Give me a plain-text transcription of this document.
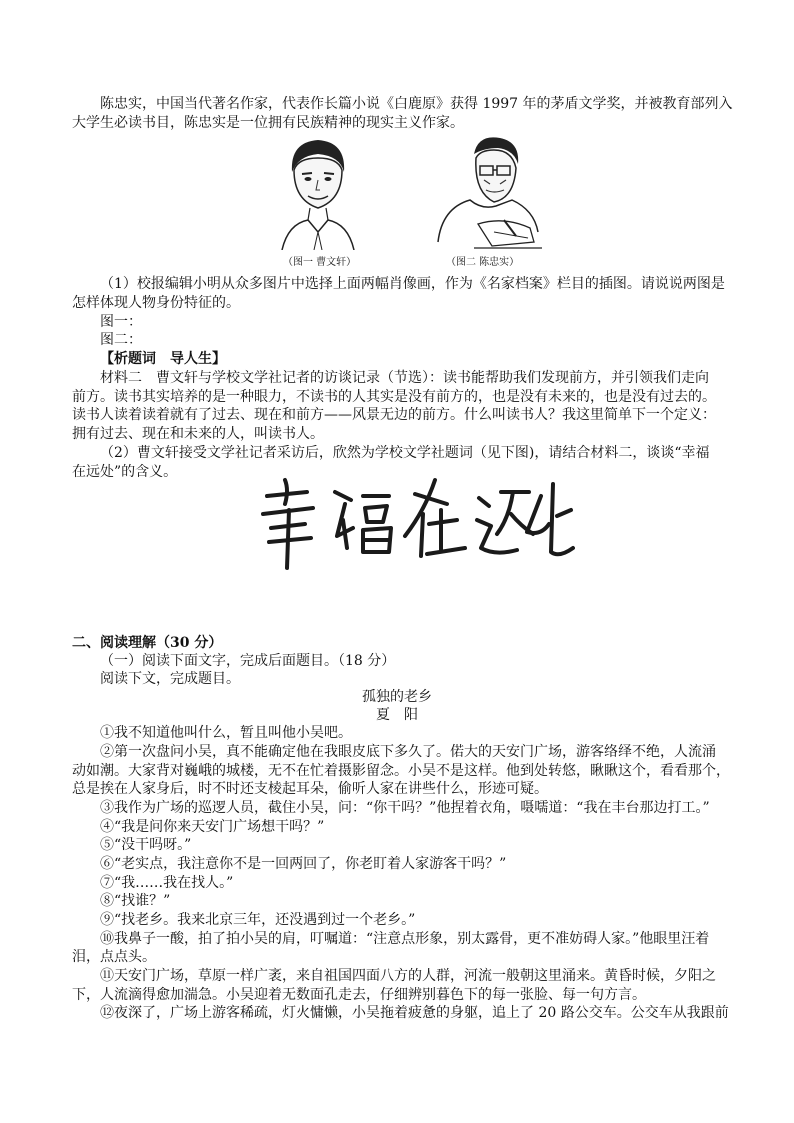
陈忠实，中国当代著名作家，代表作长篇小说《白鹿原》获得 1997 年的茅盾文学奖，并被教育部列入
大学生必读书目，陈忠实是一位拥有民族精神的现实主义作家。
（图一 曹文轩）	（图二 陈忠实）
（1）校报编辑小明从众多图片中选择上面两幅肖像画，作为《名家档案》栏目的插图。请说说两图是
怎样体现人物身份特征的。
图一：
图二：
【析题词　导人生】
材料二　曹文轩与学校文学社记者的访谈记录（节选）：读书能帮助我们发现前方，并引领我们走向
前方。读书其实培养的是一种眼力，不读书的人其实是没有前方的，也是没有未来的，也是没有过去的。
读书人读着读着就有了过去、现在和前方——风景无边的前方。什么叫读书人？我这里简单下一个定义：
拥有过去、现在和未来的人，叫读书人。
（2）曹文轩接受文学社记者采访后，欣然为学校文学社题词（见下图)，请结合材料二，谈谈“幸福
在远处”的含义。
二、阅读理解（30 分）
（一）阅读下面文字，完成后面题目。（18 分）
阅读下文，完成题目。
孤独的老乡
夏　阳
①我不知道他叫什么，暂且叫他小吴吧。
②第一次盘问小吴，真不能确定他在我眼皮底下多久了。偌大的天安门广场，游客络绎不绝，人流涌
动如潮。大家背对巍峨的城楼，无不在忙着摄影留念。小吴不是这样。他到处转悠，瞅瞅这个，看看那个，
总是挨在人家身后，时不时还支棱起耳朵，偷听人家在讲些什么，形迹可疑。
③我作为广场的巡逻人员，截住小吴，问：“你干吗？”他捏着衣角，嗫嚅道：“我在丰台那边打工。”
④“我是问你来天安门广场想干吗？”
⑤“没干吗呀。”
⑥“老实点，我注意你不是一回两回了，你老盯着人家游客干吗？”
⑦“我……我在找人。”
⑧“找谁？”
⑨“找老乡。我来北京三年，还没遇到过一个老乡。”
⑩我鼻子一酸，拍了拍小吴的肩，叮嘱道：“注意点形象，别太露骨，更不准妨碍人家。”他眼里汪着
泪，点点头。
⑪天安门广场，草原一样广袤，来自祖国四面八方的人群，河流一般朝这里涌来。黄昏时候，夕阳之
下，人流滴得愈加湍急。小吴迎着无数面孔走去，仔细辨别暮色下的每一张脸、每一句方言。
⑫夜深了，广场上游客稀疏，灯火慵懒，小吴拖着疲惫的身躯，追上了 20 路公交车。公交车从我跟前
